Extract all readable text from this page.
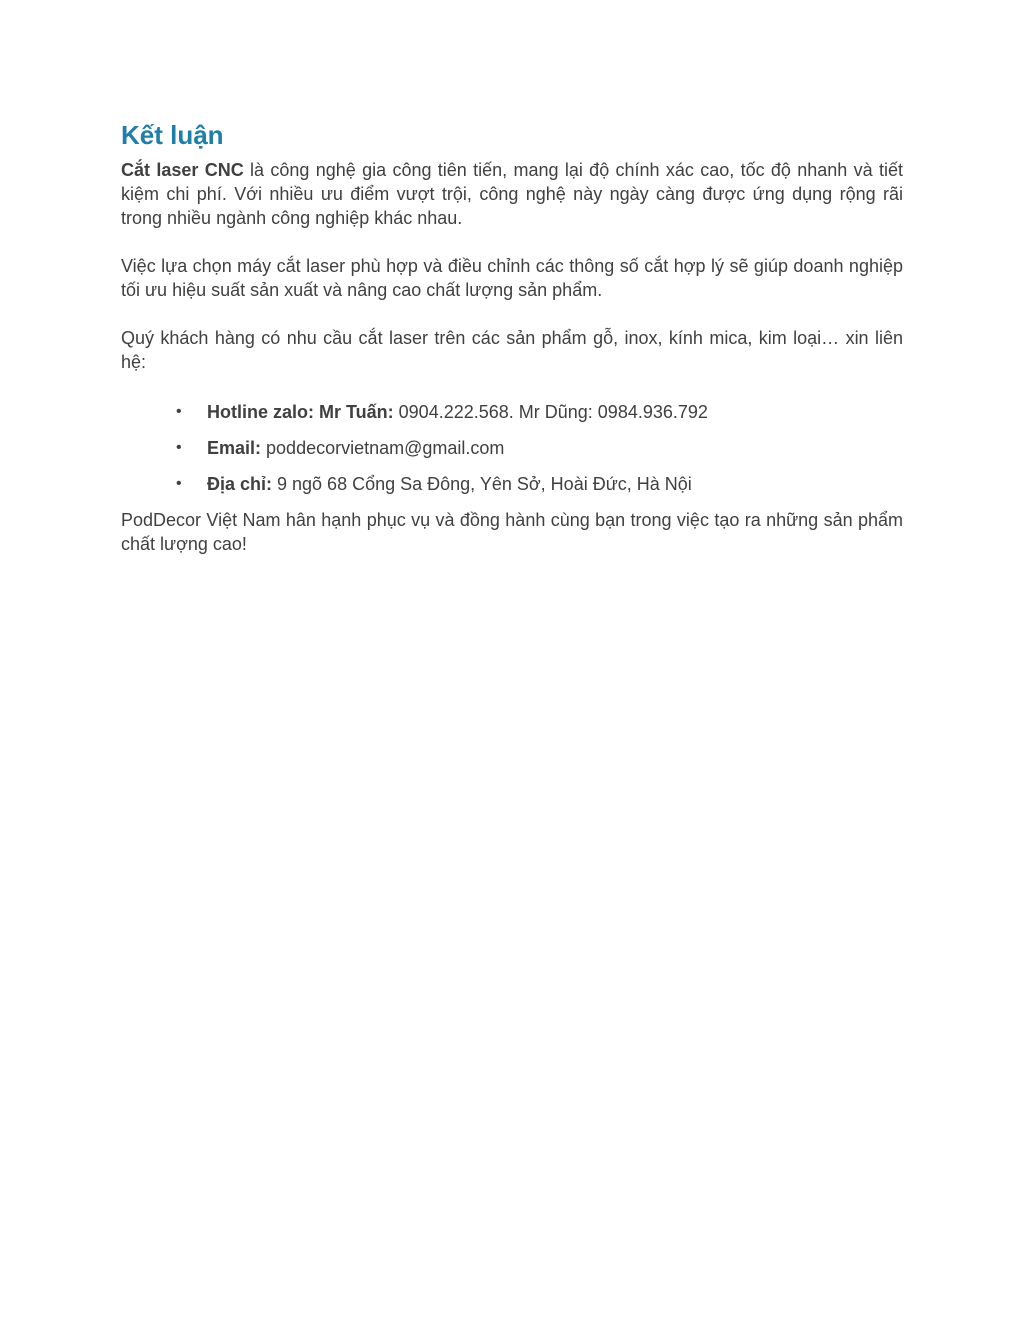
Kết luận

Cắt laser CNC là công nghệ gia công tiên tiến, mang lại độ chính xác cao, tốc độ nhanh và tiết kiệm chi phí. Với nhiều ưu điểm vượt trội, công nghệ này ngày càng được ứng dụng rộng rãi trong nhiều ngành công nghiệp khác nhau.

Việc lựa chọn máy cắt laser phù hợp và điều chỉnh các thông số cắt hợp lý sẽ giúp doanh nghiệp tối ưu hiệu suất sản xuất và nâng cao chất lượng sản phẩm.

Quý khách hàng có nhu cầu cắt laser trên các sản phẩm gỗ, inox, kính mica, kim loại… xin liên hệ:

• Hotline zalo: Mr Tuấn: 0904.222.568. Mr Dũng: 0984.936.792
• Email: poddecorvietnam@gmail.com
• Địa chỉ: 9 ngõ 68 Cổng Sa Đông, Yên Sở, Hoài Đức, Hà Nội

PodDecor Việt Nam hân hạnh phục vụ và đồng hành cùng bạn trong việc tạo ra những sản phẩm chất lượng cao!
